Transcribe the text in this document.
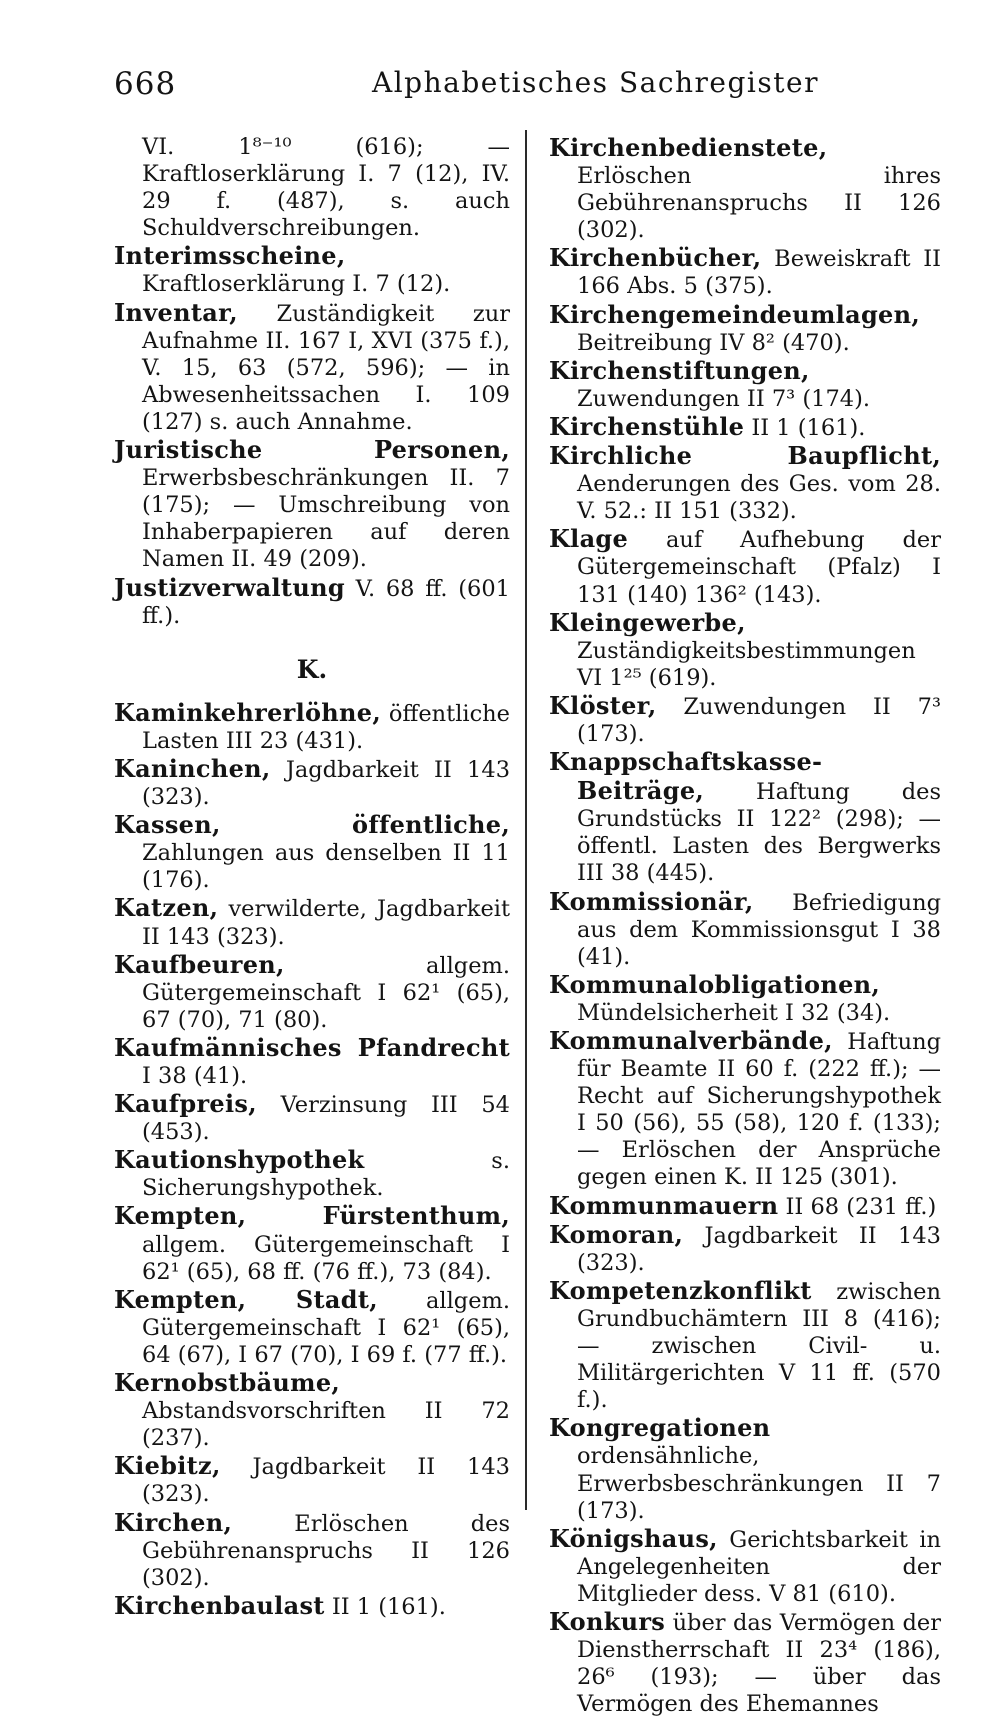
668	Alphabetisches Sachregister

VI. 1⁸⁻¹⁰ (616); — Kraftloserklärung I. 7 (12), IV. 29 f. (487), s. auch Schuldverschreibungen.

Interimsscheine, Kraftloserklärung I. 7 (12).

Inventar, Zuständigkeit zur Aufnahme II. 167 I, XVI (375 f.), V. 15, 63 (572, 596); — in Abwesenheitssachen I. 109 (127) s. auch Annahme.

Juristische Personen, Erwerbsbeschränkungen II. 7 (175); — Umschreibung von Inhaberpapieren auf deren Namen II. 49 (209).

Justizverwaltung V. 68 ff. (601 ff.).

K.

Kaminkehrerlöhne, öffentliche Lasten III 23 (431).

Kaninchen, Jagdbarkeit II 143 (323).

Kassen, öffentliche, Zahlungen aus denselben II 11 (176).

Katzen, verwilderte, Jagdbarkeit II 143 (323).

Kaufbeuren,	allgem. Gütergemeinschaft I 62¹ (65), 67 (70), 71 (80).

Kaufmännisches Pfandrecht I 38 (41).

Kaufpreis, Verzinsung III 54 (453).

Kautionshypothek	s. Sicherungshypothek.

Kempten, Fürstenthum, allgem. Gütergemeinschaft I 62¹ (65), 68 ff. (76 ff.), 73 (84).

Kempten, Stadt, allgem. Gütergemeinschaft I 62¹ (65), 64 (67), I 67 (70), I 69 f. (77 ff.).

Kernobstbäume, Abstandsvorschriften II 72 (237).

Kiebitz, Jagdbarkeit II 143 (323).

Kirchen,	Erlöschen des Gebührenanspruchs II 126 (302).

Kirchenbaulast II 1 (161).

Kirchenbedienstete, Erlöschen ihres Gebührenanspruchs II 126 (302).

Kirchenbücher, Beweiskraft II 166 Abs. 5 (375).

Kirchengemeindeumlagen, Beitreibung IV 8² (470).

Kirchenstiftungen, Zuwendungen II 7³ (174).

Kirchenstühle II 1 (161).

Kirchliche Baupflicht, Aenderungen des Ges. vom 28. V. 52.: II 151 (332).

Klage auf Aufhebung der Gütergemeinschaft (Pfalz) I 131 (140) 136² (143).

Kleingewerbe, Zuständigkeitsbestimmungen VI 1²⁵ (619).

Klöster, Zuwendungen II 7³ (173).

Knappschaftskasse-Beiträge, Haftung des Grundstücks II 122² (298); — öffentl. Lasten des Bergwerks III 38 (445).

Kommissionär, Befriedigung aus dem Kommissionsgut I 38 (41).

Kommunalobligationen, Mündelsicherheit I 32 (34).

Kommunalverbände, Haftung für Beamte II 60 f. (222 ff.); — Recht auf Sicherungshypothek I 50 (56), 55 (58), 120 f. (133); — Erlöschen der Ansprüche gegen einen K. II 125 (301).

Kommunmauern II 68 (231 ff.)

Komoran, Jagdbarkeit II 143 (323).

Kompetenzkonflikt zwischen Grundbuchämtern III 8 (416); — zwischen Civil- u. Militärgerichten V 11 ff. (570 f.).

Kongregationen ordensähnliche, Erwerbsbeschränkungen II 7 (173).

Königshaus, Gerichtsbarkeit in Angelegenheiten der Mitglieder dess. V 81 (610).

Konkurs über das Vermögen der Dienstherrschaft II 23⁴ (186), 26⁶ (193); — über das Vermögen des Ehemannes
